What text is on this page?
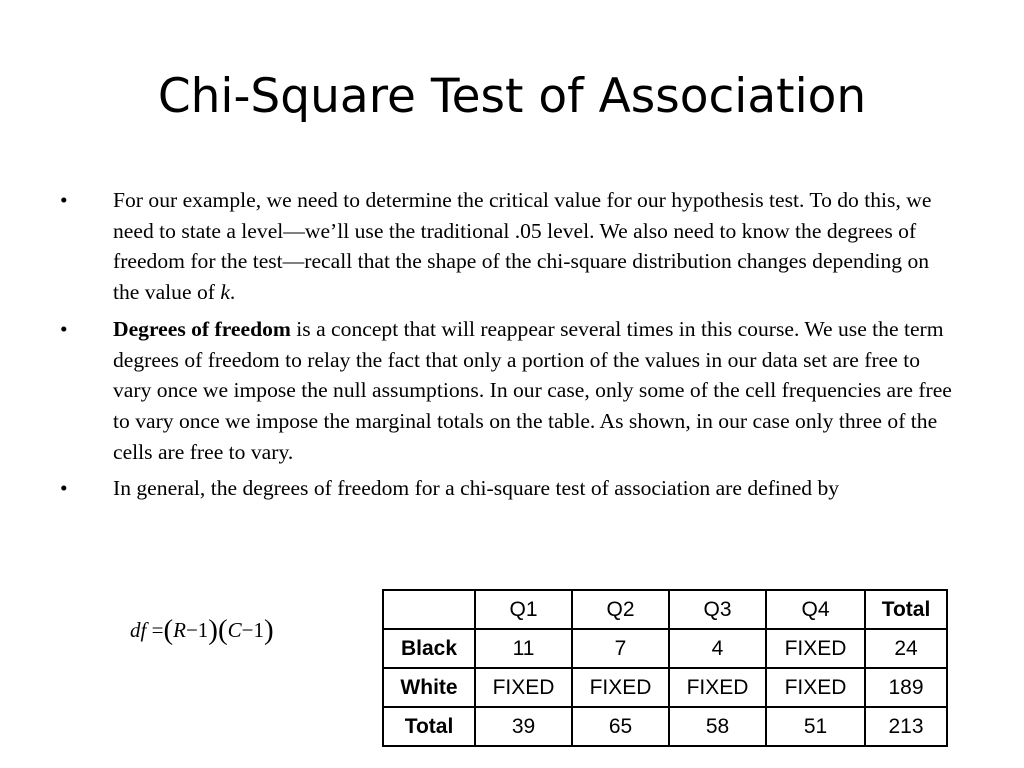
Chi-Square Test of Association
• For our example, we need to determine the critical value for our hypothesis test. To do this, we need to state a level—we’ll use the traditional .05 level. We also need to know the degrees of freedom for the test—recall that the shape of the chi-square distribution changes depending on the value of k.
• Degrees of freedom is a concept that will reappear several times in this course. We use the term degrees of freedom to relay the fact that only a portion of the values in our data set are free to vary once we impose the null assumptions. In our case, only some of the cell frequencies are free to vary once we impose the marginal totals on the table. As shown, in our case only three of the cells are free to vary.
• In general, the degrees of freedom for a chi-square test of association are defined by
df =(R−1)(C−1)
	Q1	Q2	Q3	Q4	Total
Black	11	7	4	FIXED	24
White	FIXED	FIXED	FIXED	FIXED	189
Total	39	65	58	51	213
